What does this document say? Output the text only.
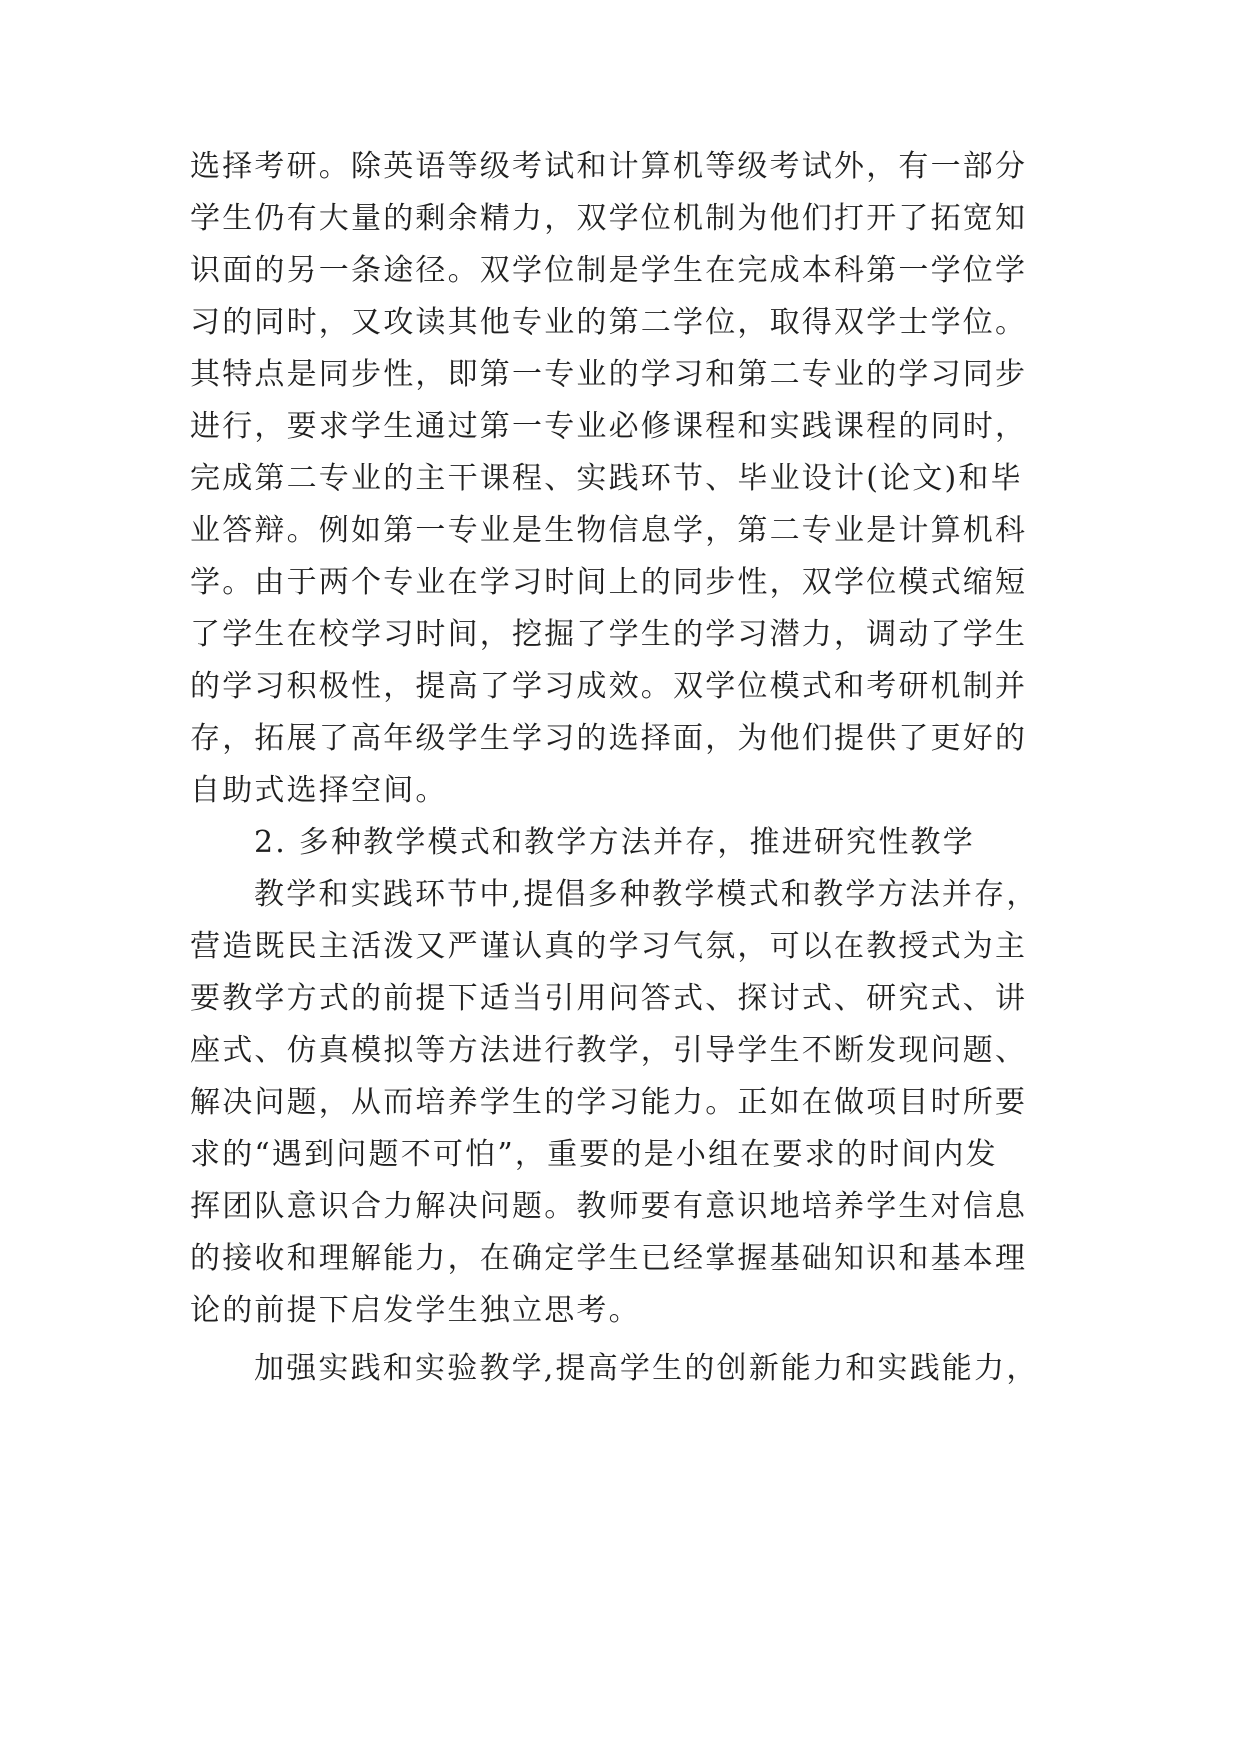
选择考研。除英语等级考试和计算机等级考试外，有一部分
学生仍有大量的剩余精力，双学位机制为他们打开了拓宽知
识面的另一条途径。双学位制是学生在完成本科第一学位学
习的同时，又攻读其他专业的第二学位，取得双学士学位。
其特点是同步性，即第一专业的学习和第二专业的学习同步
进行，要求学生通过第一专业必修课程和实践课程的同时，
完成第二专业的主干课程、实践环节、毕业设计(论文)和毕
业答辩。例如第一专业是生物信息学，第二专业是计算机科
学。由于两个专业在学习时间上的同步性，双学位模式缩短
了学生在校学习时间，挖掘了学生的学习潜力，调动了学生
的学习积极性，提高了学习成效。双学位模式和考研机制并
存，拓展了高年级学生学习的选择面，为他们提供了更好的
自助式选择空间。
2. 多种教学模式和教学方法并存，推进研究性教学
教学和实践环节中,提倡多种教学模式和教学方法并存，
营造既民主活泼又严谨认真的学习气氛，可以在教授式为主
要教学方式的前提下适当引用问答式、探讨式、研究式、讲
座式、仿真模拟等方法进行教学，引导学生不断发现问题、
解决问题，从而培养学生的学习能力。正如在做项目时所要
求的“遇到问题不可怕”，重要的是小组在要求的时间内发
挥团队意识合力解决问题。教师要有意识地培养学生对信息
的接收和理解能力，在确定学生已经掌握基础知识和基本理
论的前提下启发学生独立思考。
加强实践和实验教学,提高学生的创新能力和实践能力，
